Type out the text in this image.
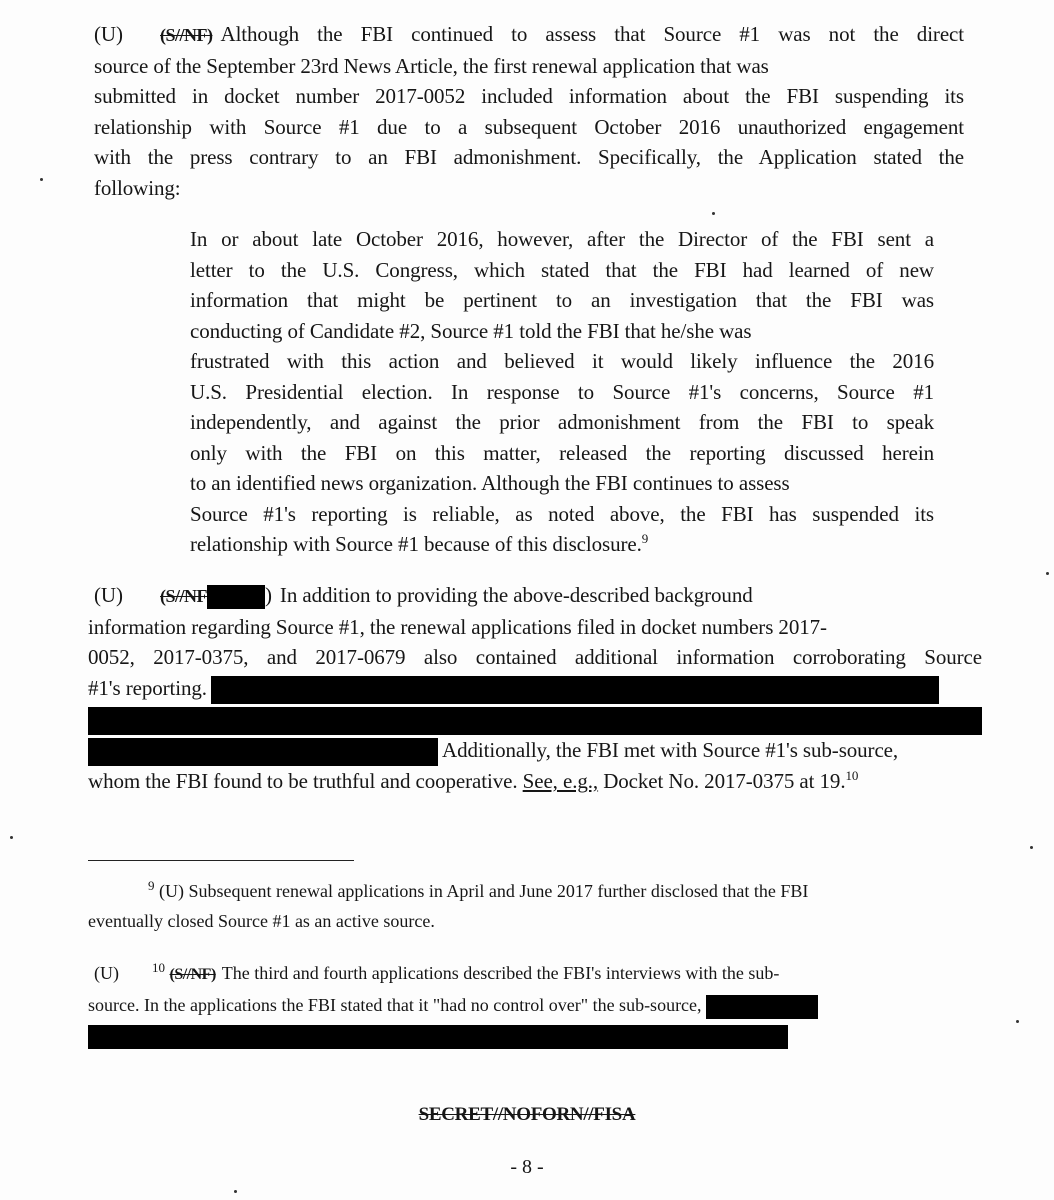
(U) (S//NF) Although the FBI continued to assess that Source #1 was not the direct
source of the September 23rd News Article, the first renewal application that was
submitted in docket number 2017-0052 included information about the FBI suspending its
relationship with Source #1 due to a subsequent October 2016 unauthorized engagement
with the press contrary to an FBI admonishment. Specifically, the Application stated the
following:
In or about late October 2016, however, after the Director of the FBI sent a
letter to the U.S. Congress, which stated that the FBI had learned of new
information that might be pertinent to an investigation that the FBI was
conducting of Candidate #2, Source #1 told the FBI that he/she was
frustrated with this action and believed it would likely influence the 2016
U.S. Presidential election. In response to Source #1's concerns, Source #1
independently, and against the prior admonishment from the FBI to speak
only with the FBI on this matter, released the reporting discussed herein
to an identified news organization. Although the FBI continues to assess
Source #1's reporting is reliable, as noted above, the FBI has suspended its
relationship with Source #1 because of this disclosure.$^9$
(U) (S//NF	) In addition to providing the above-described background
information regarding Source #1, the renewal applications filed in docket numbers 2017-
0052, 2017-0375, and 2017-0679 also contained additional information corroborating Source
#1's reporting.
Additionally, the FBI met with Source #1's sub-source,
whom the FBI found to be truthful and cooperative. See, e.g., Docket No. 2017-0375 at 19.10
$^9$ (U) Subsequent renewal applications in April and June 2017 further disclosed that the FBI
eventually closed Source #1 as an active source.
(U)	$^{10}$ (S//NF) The third and fourth applications described the FBI's interviews with the sub-
source. In the applications the FBI stated that it "had no control over" the sub-source,
SECRET//NOFORN//FISA
- 8 -
